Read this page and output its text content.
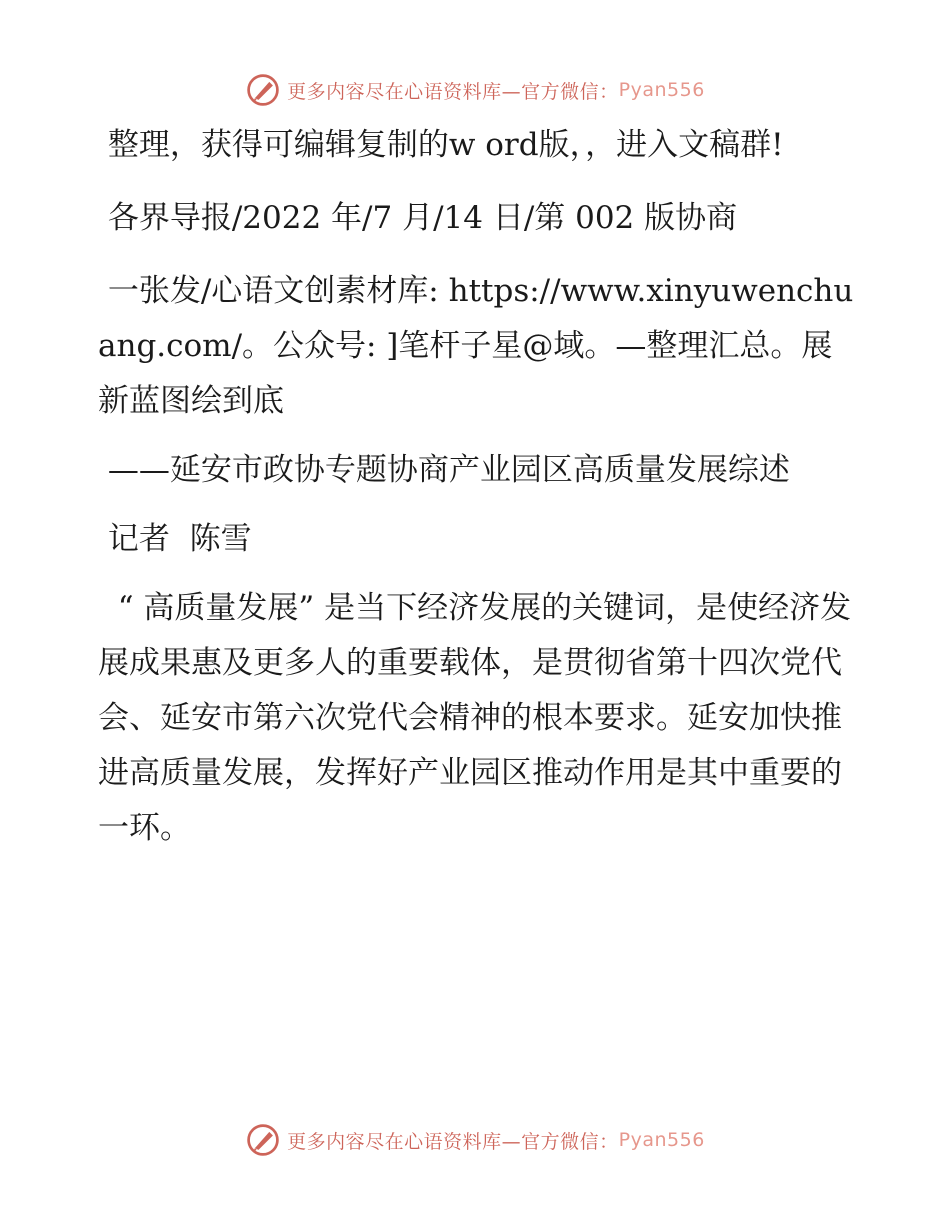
更多内容尽在心语资料库—官方微信： Pyan556

整理，获得可编辑复制的w ord版，，进入文稿群!

各界导报/2022 年/7 月/14 日/第 002 版协商

一张发/心语文创素材库: https://www.xinyuwenchuang.com/。公众号: ]笔杆子星@域。—整理汇总。展新蓝图绘到底

——延安市政协专题协商产业园区高质量发展综述

记者  陈雪

“ 高质量发展” 是当下经济发展的关键词，是使经济发展成果惠及更多人的重要载体，是贯彻省第十四次党代会、延安市第六次党代会精神的根本要求。延安加快推进高质量发展，发挥好产业园区推动作用是其中重要的一环。

更多内容尽在心语资料库—官方微信： Pyan556
